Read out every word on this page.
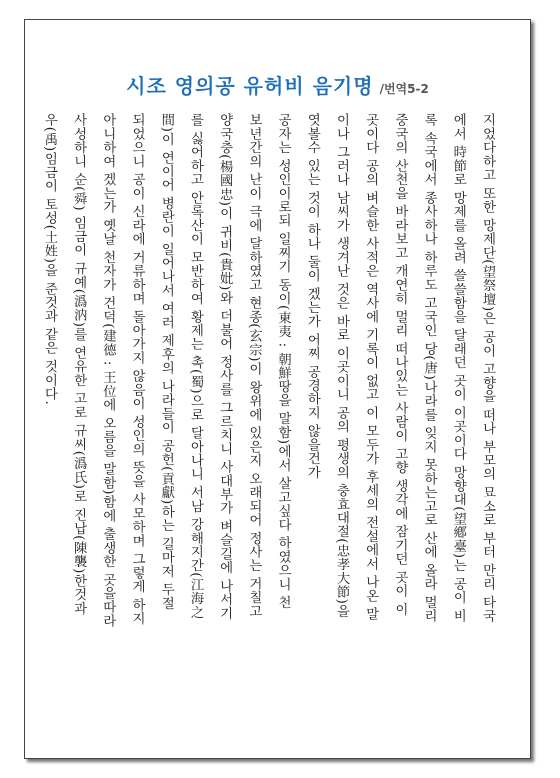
시조 영의공 유허비 음기명 /번역5-2

지었다하고 또한 망제단(望祭壇)은 공이 고향을 떠나 부모의 묘소로 부터 만리 타국

에서 時節로 망제를 올려 쓸쓸함을 달래던 곳이 이곳이다 망향대(望鄕臺)는 공이 비

록 속국에서 종사하나 하루도 고국인 당(唐)나라를 잊지 못하는고로 산에 올라 멀리

중국의 산천을 바라보고 개연히 멀리 떠나있는 사람이 고향 생각에 잠기던 곳이 이

곳이다 공의 벼슬한 사적은 역사에 기록이 없고 이 모두가 후세의 전설에서 나온 말

이나 그러나 남씨가 생겨난 것은 바로 이곳이니 공의 평생의 충효대절(忠孝大節)을

엿볼수 있는 것이 하나 둘이 겠는가 어찌 공경하지 않을건가

공자는 성인이로되 일찌기 동이(東夷 : 朝鮮땅을 말함)에서 살고싶다 하였으니 천

보년간의 난이 극에 달하였고 현종(玄宗)이 왕위에 있은지 오래되어 정사는 거칠고

양국충(楊國忠)이 귀비(貴妣)와 더불어 정사를 그르치니 사대부가 벼슬길에 나서기

를 싫어하고 안록산이 모반하여 황제는 촉(蜀)으로 달아나니 서남 강해지간(江海之

間)이 연이어 병란이 일어나서 여러 제후의 나라들이 공헌(貢獻)하는 길마저 두절

되었으니 공이 신라에 거류하며 돌아가지 않음이 성인의 뜻을 사모하며 그렇게 하지

아니하여 겠는가 옛날 천자가 건덕(建德 : 王位에 오름을 말함)함에 출생한 곳을따라

사성하니 순(舜) 임금이 규예(潙汭)를 연유한 고로 규씨(潙氏)로 진납(陳襲)한것과

우(禹)임금이 토성(土姓)을 준것과 같은 것이다.
